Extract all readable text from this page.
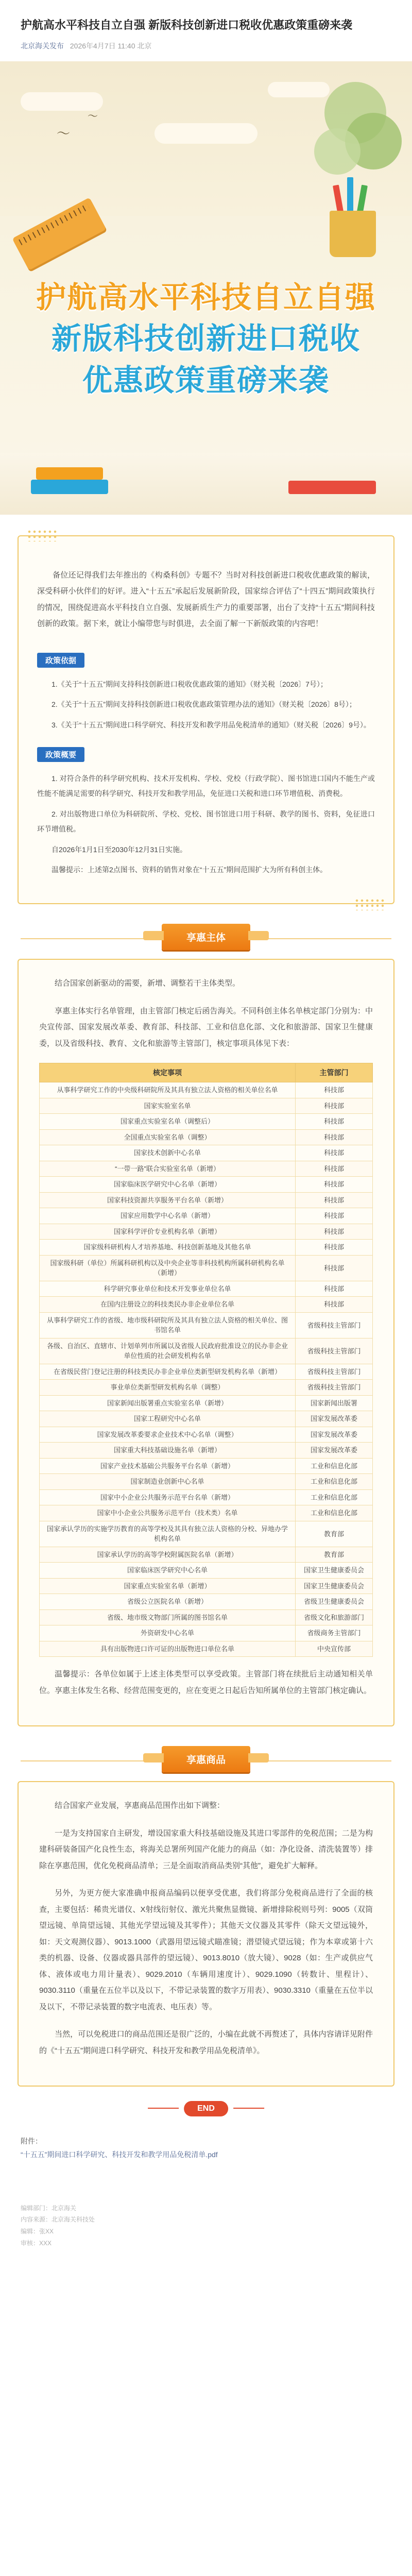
护航高水平科技自立自强 新版科技创新进口税收优惠政策重磅来袭
北京海关发布 2026年4月7日 11:40 北京
〜
〜
护航高水平科技自立自强
新版科技创新进口税收
优惠政策重磅来袭

备位还记得我们去年推出的《构桑科创》专题不？当时对科技创新进口税收优惠政策的解读，深受科研小伙伴们的好评。进入“十五五”承起后发展新阶段，国家综合评估了“十四五”期间政策执行的情况，围绕促进高水平科技自立自强、发展新质生产力的重要部署，出台了支持“十五五”期间科技创新的政策。据下来，就让小编带您与时俱进，去全面了解一下新版政策的内容吧！

政策依据

1.《关于“十五五”期间支持科技创新进口税收优惠政策的通知》（财关税〔2026〕7号）；

2.《关于“十五五”期间支持科技创新进口税收优惠政策管理办法的通知》（财关税〔2026〕8号）；

3.《关于“十五五”期间进口科学研究、科技开发和教学用品免税清单的通知》（财关税〔2026〕9号）。

政策概要

1. 对符合条件的科学研究机构、技术开发机构、学校、党校（行政学院）、图书馆进口国内不能生产或性能不能满足需要的科学研究、科技开发和教学用品，免征进口关税和进口环节增值税、消费税。

2. 对出版物进口单位为科研院所、学校、党校、图书馆进口用于科研、教学的图书、资料，免征进口环节增值税。

自2026年1月1日至2030年12月31日实施。

温馨提示：上述第2点图书、资料的销售对象在“十五五”期间范围扩大为所有科创主体。

享惠主体

结合国家创新驱动的需要，新增、调整若干主体类型。

享惠主体实行名单管理，由主管部门核定后函告海关。不同科创主体名单核定部门分别为：中央宣传部、国家发展改革委、教育部、科技部、工业和信息化部、文化和旅游部、国家卫生健康委，以及省级科技、教育、文化和旅游等主管部门，核定事项具体见下表：

核定事项	主管部门
从事科学研究工作的中央级科研院所及其具有独立法人资格的相关单位名单	科技部
国家实验室名单	科技部
国家重点实验室名单（调整后）	科技部
全国重点实验室名单（调整）	科技部
国家技术创新中心名单	科技部
“一带一路”联合实验室名单（新增）	科技部
国家临床医学研究中心名单（新增）	科技部
国家科技资源共享服务平台名单（新增）	科技部
国家应用数学中心名单（新增）	科技部
国家科学评价专业机构名单（新增）	科技部
国家级科研机构人才培养基地、科技创新基地及其他名单	科技部
国家级科研（单位）所属科研机构以及中央企业等非科技机构所属科研机构名单（新增）	科技部
科学研究事业单位和技术开发事业单位名单	科技部
在国内注册设立的科技类民办非企业单位名单	科技部
从事科学研究工作的省级、地市级科研院所及其具有独立法人资格的相关单位、图书馆名单	省级科技主管部门
各级、自治区、直辖市、计划单列市所属以及省级人民政府批准设立的民办非企业单位性质的社会研发机构名单	省级科技主管部门
在省级民营门登记注册的科技类民办非企业单位类新型研发机构名单（新增）	省级科技主管部门
事业单位类新型研发机构名单（调整）	省级科技主管部门
国家新闻出版署重点实验室名单（新增）	国家新闻出版署
国家工程研究中心名单	国家发展改革委
国家发展改革委要求企业技术中心名单（调整）	国家发展改革委
国家重大科技基础设施名单（新增）	国家发展改革委
国家产业技术基础公共服务平台名单（新增）	工业和信息化部
国家制造业创新中心名单	工业和信息化部
国家中小企业公共服务示范平台名单（新增）	工业和信息化部
国家中小企业公共服务示范平台（技术类）名单	工业和信息化部
国家承认学历的实施学历教育的高等学校及其具有独立法人资格的分校、异地办学机构名单	教育部
国家承认学历的高等学校附属医院名单（新增）	教育部
国家临床医学研究中心名单	国家卫生健康委员会
国家重点实验室名单（新增）	国家卫生健康委员会
省级公立医院名单（新增）	省级卫生健康委员会
省级、地市级文物部门所属的图书馆名单	省级文化和旅游部门
外资研发中心名单	省级商务主管部门
具有出版物进口许可证的出版物进口单位名单	中央宣传部

温馨提示：各单位如属于上述主体类型可以享受政策。主管部门将在续批后主动通知相关单位。享惠主体发生名称、经营范围变更的，应在变更之日起后告知所属单位的主管部门核定确认。

享惠商品

结合国家产业发展，享惠商品范围作出如下调整：

一是为支持国家自主研发，增设国家重大科技基础设施及其进口零部件的免税范围；二是为构建科研装备国产化良性生态，将海关总署所列国产化能力的商品（如：净化设备、清洗装置等）排除在享惠范围，优化免税商品清单；三是全面取消商品类别“其他”，避免扩大解释。

另外，为更方便大家准确申报商品编码以便享受优惠，我们将部分免税商品进行了全面的核查，主要包括：稀贵光谱仪、X射线衍射仪、激光共聚焦显微镜、新增排除税则号列：9005（双筒望远镜、单筒望远镜、其他光学望远镜及其零件）；其他天文仪器及其零件（除天文望远镜外，如：天文观测仪器）、9013.1000（武器用望远镜式瞄准镜；潜望镜式望远镜；作为本章或第十六类的机器、设备、仪器或器具部件的望远镜）、9013.8010（放大镜）、9028（如：生产或供应气体、液体或电力用计量表）、9029.2010（车辆用速度计）、9029.1090（转数计、里程计）、9030.3110（重量在五位半以及以下，不带记录装置的数字万用表）、9030.3310（重量在五位半以及以下，不带记录装置的数字电流表、电压表）等。

当然，可以免税进口的商品范围还是很广泛的，小编在此就不再赘述了，具体内容请详见附件的《“十五五”期间进口科学研究、科技开发和教学用品免税清单》。

END
附件：
“十五五”期间进口科学研究、科技开发和教学用品免税清单.pdf
编辑部门：北京海关
内容来源：北京海关科技处
编辑：张XX
审核：XXX
